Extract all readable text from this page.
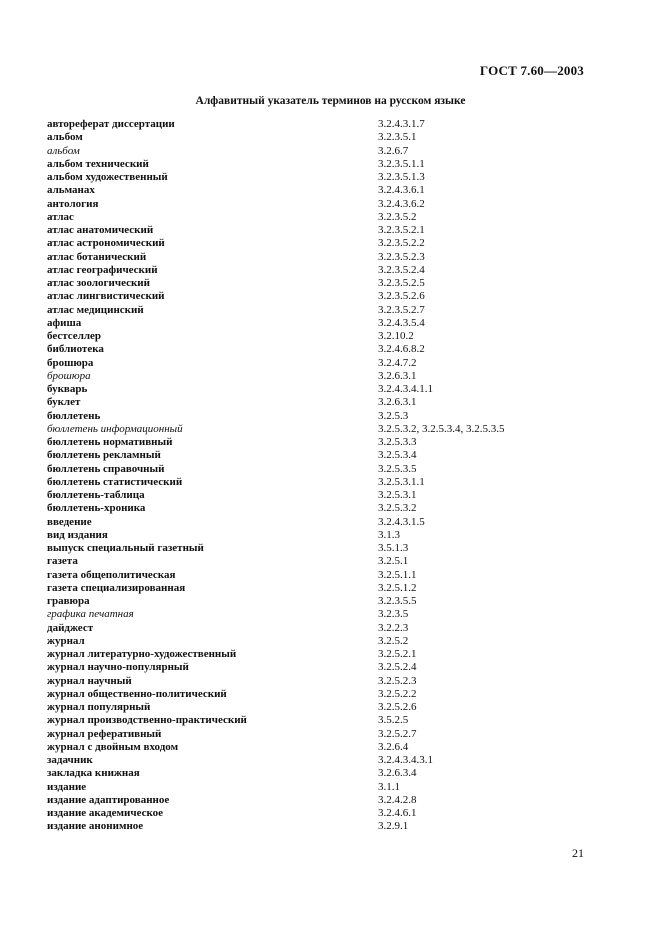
ГОСТ 7.60—2003
Алфавитный указатель терминов на русском языке
автореферат диссертации	3.2.4.3.1.7
альбом	3.2.3.5.1
альбом	3.2.6.7
альбом технический	3.2.3.5.1.1
альбом художественный	3.2.3.5.1.3
альманах	3.2.4.3.6.1
антология	3.2.4.3.6.2
атлас	3.2.3.5.2
атлас анатомический	3.2.3.5.2.1
атлас астрономический	3.2.3.5.2.2
атлас ботанический	3.2.3.5.2.3
атлас географический	3.2.3.5.2.4
атлас зоологический	3.2.3.5.2.5
атлас лингвистический	3.2.3.5.2.6
атлас медицинский	3.2.3.5.2.7
афиша	3.2.4.3.5.4
бестселлер	3.2.10.2
библиотека	3.2.4.6.8.2
брошюра	3.2.4.7.2
брошюра	3.2.6.3.1
букварь	3.2.4.3.4.1.1
буклет	3.2.6.3.1
бюллетень	3.2.5.3
бюллетень информационный	3.2.5.3.2, 3.2.5.3.4, 3.2.5.3.5
бюллетень нормативный	3.2.5.3.3
бюллетень рекламный	3.2.5.3.4
бюллетень справочный	3.2.5.3.5
бюллетень статистический	3.2.5.3.1.1
бюллетень-таблица	3.2.5.3.1
бюллетень-хроника	3.2.5.3.2
введение	3.2.4.3.1.5
вид издания	3.1.3
выпуск специальный газетный	3.5.1.3
газета	3.2.5.1
газета общеполитическая	3.2.5.1.1
газета специализированная	3.2.5.1.2
гравюра	3.2.3.5.5
графика печатная	3.2.3.5
дайджест	3.2.2.3
журнал	3.2.5.2
журнал литературно-художественный	3.2.5.2.1
журнал научно-популярный	3.2.5.2.4
журнал научный	3.2.5.2.3
журнал общественно-политический	3.2.5.2.2
журнал популярный	3.2.5.2.6
журнал производственно-практический	3.5.2.5
журнал реферативный	3.2.5.2.7
журнал с двойным входом	3.2.6.4
задачник	3.2.4.3.4.3.1
закладка книжная	3.2.6.3.4
издание	3.1.1
издание адаптированное	3.2.4.2.8
издание академическое	3.2.4.6.1
издание анонимное	3.2.9.1
21
